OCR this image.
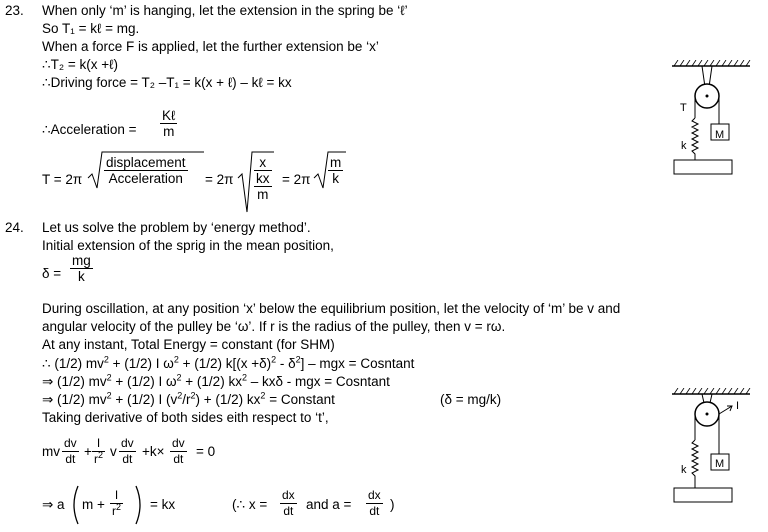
23. When only ‘m’ is hanging, let the extension in the spring be ‘ℓ’
So T₁ = kℓ = mg.
When a force F is applied, let the further extension be ‘x’
∴T₂ = k(x +ℓ)
∴Driving force = T₂ –T₁ = k(x + ℓ) – kℓ = kx
∴Acceleration =
Kℓ
m
T = 2π
displacement
Acceleration	= 2π x
kx
$m = 2\pi \frac{m}{k}$
T
k
M
24. Let us solve the problem by ‘energy method’.
Initial extension of the sprig in the mean position,
$\delta = \frac{mg}{k}$
During oscillation, at any position ‘x’ below the equilibrium position, let the velocity of ‘m’ be v and
angular velocity of the pulley be ‘ω’. If r is the radius of the pulley, then v = rω.
At any instant, Total Energy = constant (for SHM)
∴ (1/2) $mv^2 + (1/2)$ I $\omega^2 + (1/2)$ $k[(x +\delta)^2 - \delta^2]$ – mgx = Cosntant
⇒ (1/2) $mv^2 + (1/2)$ I $\omega^2 + (1/2)$ $kx^2$ – kxδ - mgx = Cosntant
⇒ (1/2) $mv^2 + (1/2)$ I $(v^2/r^2) + (1/2) kx^2$ = Constant	(δ = mg/k)
Taking derivative of both sides eith respect to ‘t’,
mv $\frac{dv}{dt} + \frac{I}{r^2}$ v $\frac{dv}{dt} +k\times \frac{dv}{dt} = 0$
⇒ a $m + \frac{I}{r^2}$ = kx	(∴ $x = \frac{dx}{dt}$ and $a = \frac{dx}{dt}$ )
I
k	M
